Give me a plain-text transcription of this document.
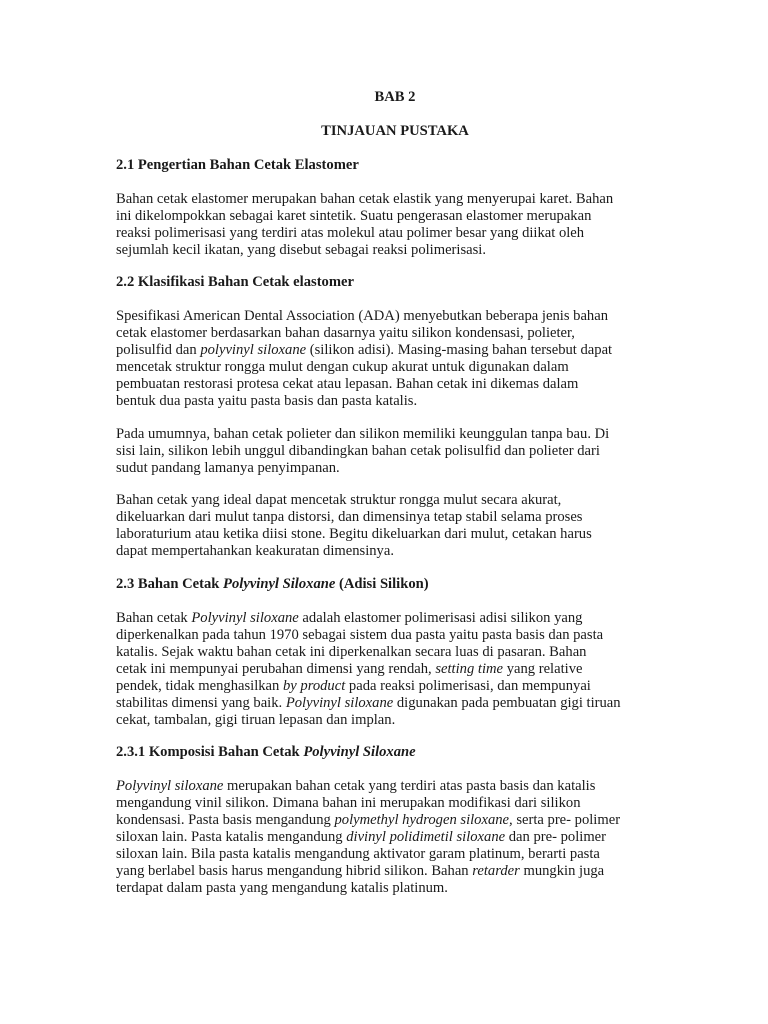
BAB 2
TINJAUAN PUSTAKA
2.1 Pengertian Bahan Cetak Elastomer
Bahan cetak elastomer merupakan bahan cetak elastik yang menyerupai karet. Bahan
ini dikelompokkan sebagai karet sintetik. Suatu pengerasan elastomer merupakan
reaksi polimerisasi yang terdiri atas molekul atau polimer besar yang diikat oleh
sejumlah kecil ikatan, yang disebut sebagai reaksi polimerisasi.
2.2 Klasifikasi Bahan Cetak elastomer
Spesifikasi American Dental Association (ADA) menyebutkan beberapa jenis bahan
cetak elastomer berdasarkan bahan dasarnya yaitu silikon kondensasi, polieter,
polisulfid dan polyvinyl siloxane (silikon adisi). Masing-masing bahan tersebut dapat
mencetak struktur rongga mulut dengan cukup akurat untuk digunakan dalam
pembuatan restorasi protesa cekat atau lepasan. Bahan cetak ini dikemas dalam
bentuk dua pasta yaitu pasta basis dan pasta katalis.
Pada umumnya, bahan cetak polieter dan silikon memiliki keunggulan tanpa bau. Di
sisi lain, silikon lebih unggul dibandingkan bahan cetak polisulfid dan polieter dari
sudut pandang lamanya penyimpanan.
Bahan cetak yang ideal dapat mencetak struktur rongga mulut secara akurat,
dikeluarkan dari mulut tanpa distorsi, dan dimensinya tetap stabil selama proses
laboraturium atau ketika diisi stone. Begitu dikeluarkan dari mulut, cetakan harus
dapat mempertahankan keakuratan dimensinya.
2.3 Bahan Cetak Polyvinyl Siloxane (Adisi Silikon)
Bahan cetak Polyvinyl siloxane adalah elastomer polimerisasi adisi silikon yang
diperkenalkan pada tahun 1970 sebagai sistem dua pasta yaitu pasta basis dan pasta
katalis. Sejak waktu bahan cetak ini diperkenalkan secara luas di pasaran. Bahan
cetak ini mempunyai perubahan dimensi yang rendah, setting time yang relative
pendek, tidak menghasilkan by product pada reaksi polimerisasi, dan mempunyai
stabilitas dimensi yang baik. Polyvinyl siloxane digunakan pada pembuatan gigi tiruan
cekat, tambalan, gigi tiruan lepasan dan implan.
2.3.1 Komposisi Bahan Cetak Polyvinyl Siloxane
Polyvinyl siloxane merupakan bahan cetak yang terdiri atas pasta basis dan katalis
mengandung vinil silikon. Dimana bahan ini merupakan modifikasi dari silikon
kondensasi. Pasta basis mengandung polymethyl hydrogen siloxane, serta pre- polimer
siloxan lain. Pasta katalis mengandung divinyl polidimetil siloxane dan pre- polimer
siloxan lain. Bila pasta katalis mengandung aktivator garam platinum, berarti pasta
yang berlabel basis harus mengandung hibrid silikon. Bahan retarder mungkin juga
terdapat dalam pasta yang mengandung katalis platinum.
